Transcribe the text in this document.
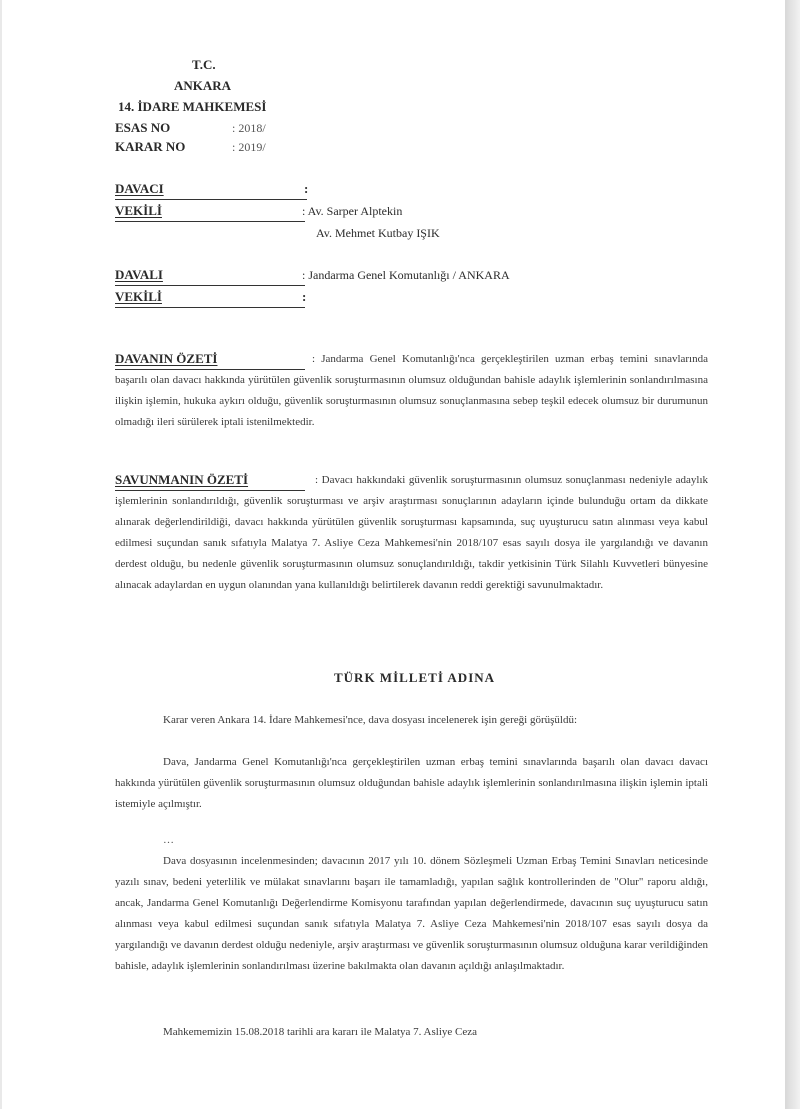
T.C.
ANKARA
14. İDARE MAHKEMESİ
ESAS NO	: 2018/
KARAR NO	: 2019/
DAVACI	:
VEKİLİ	: Av. Sarper Alptekin
Av. Mehmet Kutbay IŞIK
DAVALI	: Jandarma Genel Komutanlığı / ANKARA
VEKİLİ	:
DAVANIN ÖZETİ	: Jandarma Genel Komutanlığı'nca gerçekleştirilen uzman erbaş temini sınavlarında başarılı olan davacı hakkında yürütülen güvenlik soruşturmasının olumsuz olduğundan bahisle adaylık işlemlerinin sonlandırılmasına ilişkin işlemin, hukuka aykırı olduğu, güvenlik soruşturmasının olumsuz sonuçlanmasına sebep teşkil edecek olumsuz bir durumunun olmadığı ileri sürülerek iptali istenilmektedir.
SAVUNMANIN ÖZETİ	: Davacı hakkındaki güvenlik soruşturmasının olumsuz sonuçlanması nedeniyle adaylık işlemlerinin sonlandırıldığı, güvenlik soruşturması ve arşiv araştırması sonuçlarının adayların içinde bulunduğu ortam da dikkate alınarak değerlendirildiği, davacı hakkında yürütülen güvenlik soruşturması kapsamında, suç uyuşturucu satın alınması veya kabul edilmesi suçundan sanık sıfatıyla Malatya 7. Asliye Ceza Mahkemesi'nin 2018/107 esas sayılı dosya ile yargılandığı ve davanın derdest olduğu, bu nedenle güvenlik soruşturmasının olumsuz sonuçlandırıldığı, takdir yetkisinin Türk Silahlı Kuvvetleri bünyesine alınacak adaylardan en uygun olanından yana kullanıldığı belirtilerek davanın reddi gerektiği savunulmaktadır.
TÜRK MİLLETİ ADINA
Karar veren Ankara 14. İdare Mahkemesi'nce, dava dosyası incelenerek işin gereği görüşüldü:
Dava, Jandarma Genel Komutanlığı'nca gerçekleştirilen uzman erbaş temini sınavlarında başarılı olan davacı davacı hakkında yürütülen güvenlik soruşturmasının olumsuz olduğundan bahisle adaylık işlemlerinin sonlandırılmasına ilişkin işlemin iptali istemiyle açılmıştır.
…
Dava dosyasının incelenmesinden; davacının 2017 yılı 10. dönem Sözleşmeli Uzman Erbaş Temini Sınavları neticesinde yazılı sınav, bedeni yeterlilik ve mülakat sınavlarını başarı ile tamamladığı, yapılan sağlık kontrollerinden de "Olur" raporu aldığı, ancak, Jandarma Genel Komutanlığı Değerlendirme Komisyonu tarafından yapılan değerlendirmede, davacının suç uyuşturucu satın alınması veya kabul edilmesi suçundan sanık sıfatıyla Malatya 7. Asliye Ceza Mahkemesi'nin 2018/107 esas sayılı dosya da yargılandığı ve davanın derdest olduğu nedeniyle, arşiv araştırması ve güvenlik soruşturmasının olumsuz olduğuna karar verildiğinden bahisle, adaylık işlemlerinin sonlandırılması üzerine bakılmakta olan davanın açıldığı anlaşılmaktadır.
Mahkememizin 15.08.2018 tarihli ara kararı ile Malatya 7. Asliye Ceza
